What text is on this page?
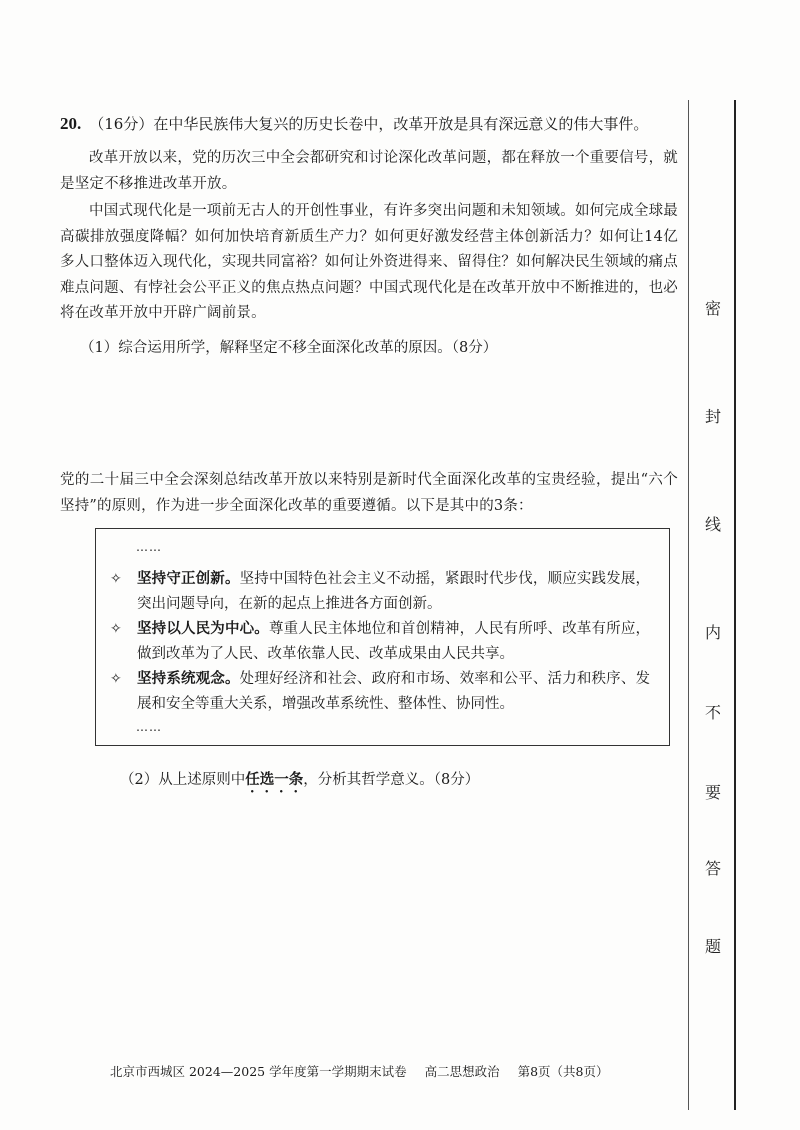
20. （16分）在中华民族伟大复兴的历史长卷中，改革开放是具有深远意义的伟大事件。
改革开放以来，党的历次三中全会都研究和讨论深化改革问题，都在释放一个重要信号，就是坚定不移推进改革开放。
中国式现代化是一项前无古人的开创性事业，有许多突出问题和未知领域。如何完成全球最高碳排放强度降幅？如何加快培育新质生产力？如何更好激发经营主体创新活力？如何让14亿多人口整体迈入现代化，实现共同富裕？如何让外资进得来、留得住？如何解决民生领域的痛点难点问题、有悖社会公平正义的焦点热点问题？中国式现代化是在改革开放中不断推进的，也必将在改革开放中开辟广阔前景。
（1）综合运用所学，解释坚定不移全面深化改革的原因。（8分）
党的二十届三中全会深刻总结改革开放以来特别是新时代全面深化改革的宝贵经验，提出“六个坚持”的原则，作为进一步全面深化改革的重要遵循。以下是其中的3条：
……
✧	坚持守正创新。坚持中国特色社会主义不动摇，紧跟时代步伐，顺应实践发展，突出问题导向，在新的起点上推进各方面创新。
✧	坚持以人民为中心。尊重人民主体地位和首创精神，人民有所呼、改革有所应，做到改革为了人民、改革依靠人民、改革成果由人民共享。
✧	坚持系统观念。处理好经济和社会、政府和市场、效率和公平、活力和秩序、发展和安全等重大关系，增强改革系统性、整体性、协同性。
……
（2）从上述原则中任选一条，分析其哲学意义。（8分）
密
封
线
内
不
要
答
题
北京市西城区 2024—2025 学年度第一学期期末试卷 高二思想政治 第8页（共8页）
